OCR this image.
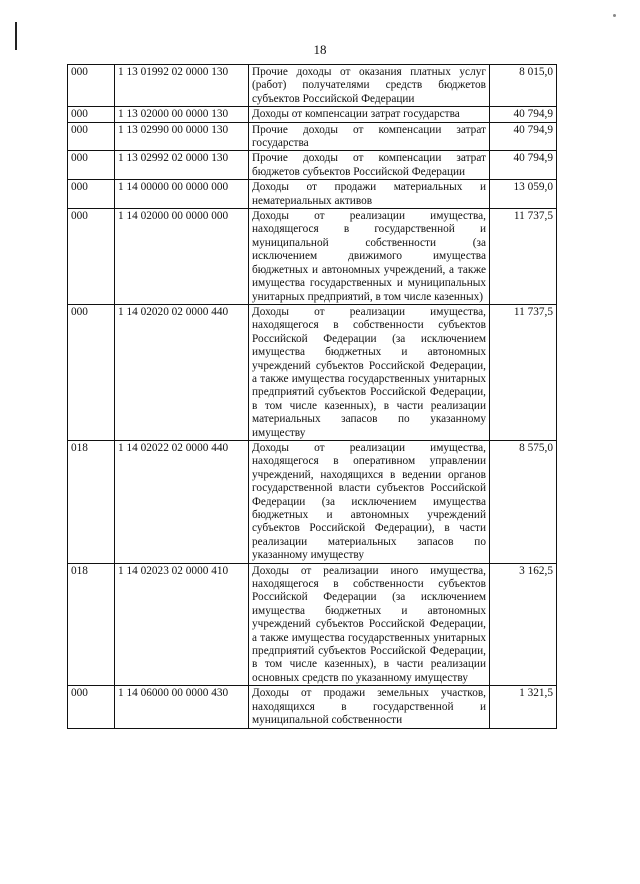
18
000	1 13 01992 02 0000 130	Прочие доходы от оказания платных услуг (работ) получателями средств бюджетов субъектов Российской Федерации	8 015,0
000	1 13 02000 00 0000 130	Доходы от компенсации затрат государства	40 794,9
000	1 13 02990 00 0000 130	Прочие доходы от компенсации затрат государства	40 794,9
000	1 13 02992 02 0000 130	Прочие доходы от компенсации затрат бюджетов субъектов Российской Федерации	40 794,9
000	1 14 00000 00 0000 000	Доходы от продажи материальных и нематериальных активов	13 059,0
000	1 14 02000 00 0000 000	Доходы от реализации имущества, находящегося в государственной и муниципальной собственности (за исключением движимого имущества бюджетных и автономных учреждений, а также имущества государственных и муниципальных унитарных предприятий, в том числе казенных)	11 737,5
000	1 14 02020 02 0000 440	Доходы от реализации имущества, находящегося в собственности субъектов Российской Федерации (за исключением имущества бюджетных и автономных учреждений субъектов Российской Федерации, а также имущества государственных унитарных предприятий субъектов Российской Федерации, в том числе казенных), в части реализации материальных запасов по указанному имуществу	11 737,5
018	1 14 02022 02 0000 440	Доходы от реализации имущества, находящегося в оперативном управлении учреждений, находящихся в ведении органов государственной власти субъектов Российской Федерации (за исключением имущества бюджетных и автономных учреждений субъектов Российской Федерации), в части реализации материальных запасов по указанному имуществу	8 575,0
018	1 14 02023 02 0000 410	Доходы от реализации иного имущества, находящегося в собственности субъектов Российской Федерации (за исключением имущества бюджетных и автономных учреждений субъектов Российской Федерации, а также имущества государственных унитарных предприятий субъектов Российской Федерации, в том числе казенных), в части реализации основных средств по указанному имуществу	3 162,5
000	1 14 06000 00 0000 430	Доходы от продажи земельных участков, находящихся в государственной и муниципальной собственности	1 321,5
